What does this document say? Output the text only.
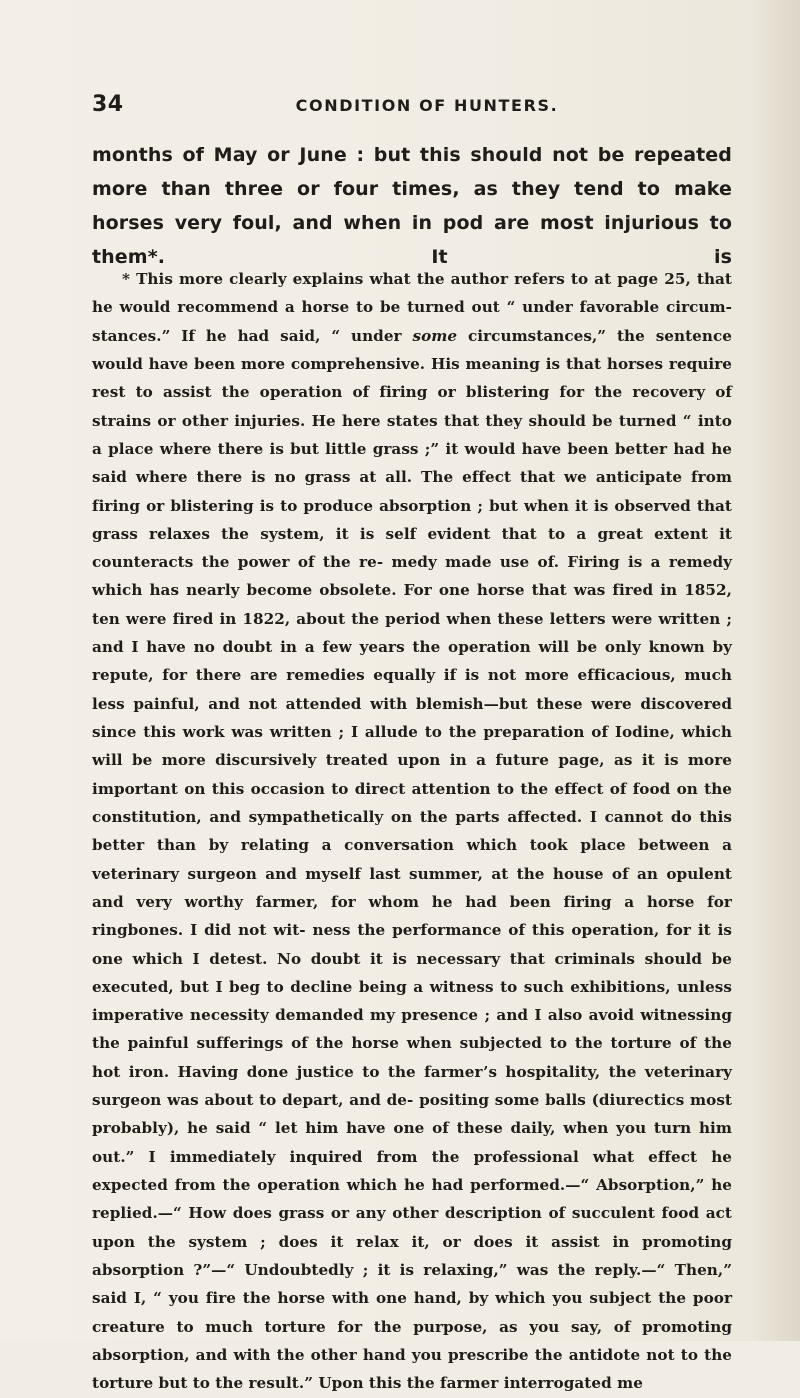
34	CONDITION OF HUNTERS.

months of May or June : but this should not be repeated more than three or four times, as they tend to make horses very foul, and when in pod are most injurious to them*. It is

* This more clearly explains what the author refers to at page 25, that he would recommend a horse to be turned out “ under favorable circum- stances.” If he had said, “ under some circumstances,” the sentence would have been more comprehensive. His meaning is that horses require rest to assist the operation of firing or blistering for the recovery of strains or other injuries. He here states that they should be turned “ into a place where there is but little grass ;” it would have been better had he said where there is no grass at all. The effect that we anticipate from firing or blistering is to produce absorption ; but when it is observed that grass relaxes the system, it is self evident that to a great extent it counteracts the power of the re- medy made use of. Firing is a remedy which has nearly become obsolete. For one horse that was fired in 1852, ten were fired in 1822, about the period when these letters were written ; and I have no doubt in a few years the operation will be only known by repute, for there are remedies equally if is not more efficacious, much less painful, and not attended with blemish—but these were discovered since this work was written ; I allude to the preparation of Iodine, which will be more discursively treated upon in a future page, as it is more important on this occasion to direct attention to the effect of food on the constitution, and sympathetically on the parts affected. I cannot do this better than by relating a conversation which took place between a veterinary surgeon and myself last summer, at the house of an opulent and very worthy farmer, for whom he had been firing a horse for ringbones. I did not wit- ness the performance of this operation, for it is one which I detest. No doubt it is necessary that criminals should be executed, but I beg to decline being a witness to such exhibitions, unless imperative necessity demanded my presence ; and I also avoid witnessing the painful sufferings of the horse when subjected to the torture of the hot iron. Having done justice to the farmer’s hospitality, the veterinary surgeon was about to depart, and de- positing some balls (diurectics most probably), he said “ let him have one of these daily, when you turn him out.” I immediately inquired from the professional what effect he expected from the operation which he had performed.—“ Absorption,” he replied.—“ How does grass or any other description of succulent food act upon the system ; does it relax it, or does it assist in promoting absorption ?”—“ Undoubtedly ; it is relaxing,” was the reply.—“ Then,” said I, “ you fire the horse with one hand, by which you subject the poor creature to much torture for the purpose, as you say, of promoting absorption, and with the other hand you prescribe the antidote not to the torture but to the result.” Upon this the farmer interrogated me
